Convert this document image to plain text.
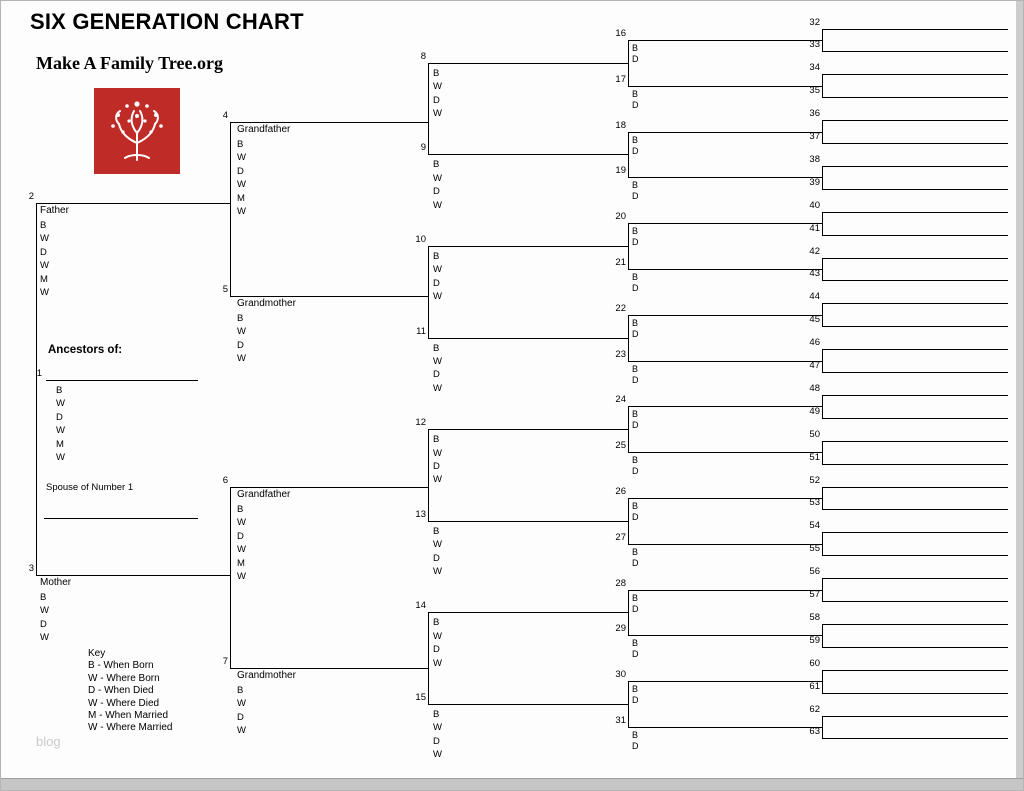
SIX GENERATION CHART
Make A Family Tree.org
2
Father
B
W
D
W
M
W
3
Mother
B
W
D
W
4
Grandfather
B
W
D
W
M
W
5
Grandmother
B
W
D
W
6
Grandfather
B
W
D
W
M
W
7
Grandmother
B
W
D
W
8
B
W
D
W
9
B
W
D
W
10
B
W
D
W
11
B
W
D
W
12
B
W
D
W
13
B
W
D
W
14
B
W
D
W
15
B
W
D
W
16
B
D
17
B
D
18
B
D
19
B
D
20
B
D
21
B
D
22
B
D
23
B
D
24
B
D
25
B
D
26
B
D
27
B
D
28
B
D
29
B
D
30
B
D
31
B
D
32
33
34
35
36
37
38
39
40
41
42
43
44
45
46
47
48
49
50
51
52
53
54
55
56
57
58
59
60
61
62
63
Ancestors of:
1
B
W
D
W
M
W
Spouse of Number 1
Key
B - When Born
W - Where Born
D - When Died
W - Where Died
M - When Married
W - Where Married
blog
